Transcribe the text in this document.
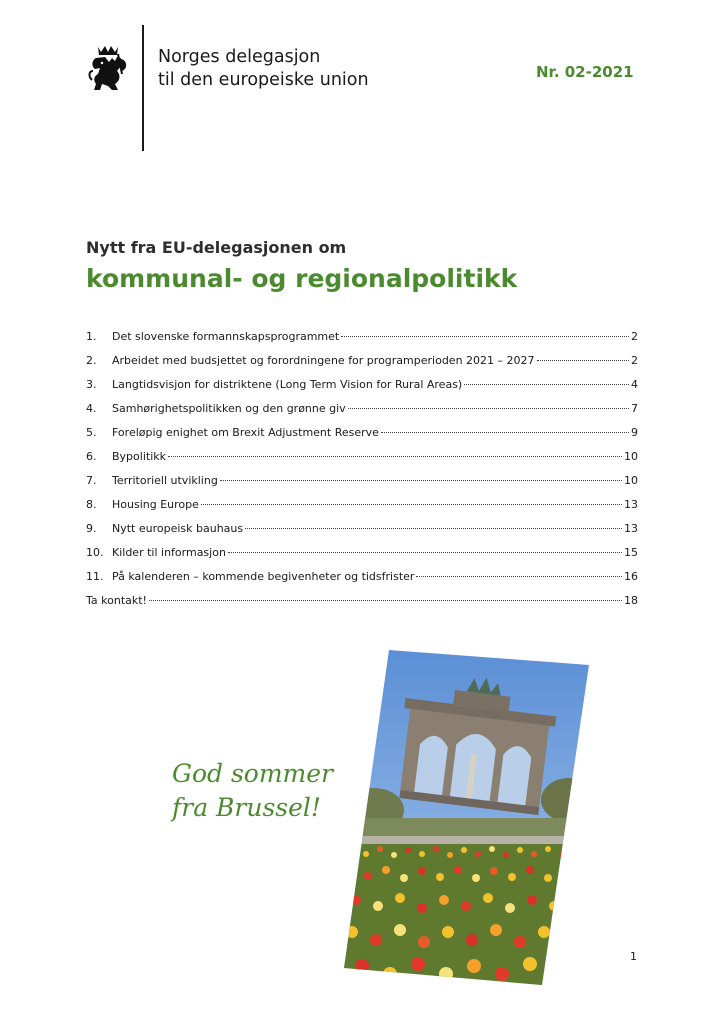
Norges delegasjon
til den europeiske union	Nr. 02-2021
Nytt fra EU-delegasjonen om
kommunal- og regionalpolitikk
1.	Det slovenske formannskapsprogrammet	2
2.	Arbeidet med budsjettet og forordningene for programperioden 2021 – 2027	2
3.	Langtidsvisjon for distriktene (Long Term Vision for Rural Areas)	4
4.	Samhørighetspolitikken og den grønne giv	7
5.	Foreløpig enighet om Brexit Adjustment Reserve	9
6.	Bypolitikk	10
7.	Territoriell utvikling	10
8.	Housing Europe	13
9.	Nytt europeisk bauhaus	13
10. Kilder til informasjon	15
11. På kalenderen – kommende begivenheter og tidsfrister	16
Ta kontakt!	18
God sommer
fra Brussel!
1
